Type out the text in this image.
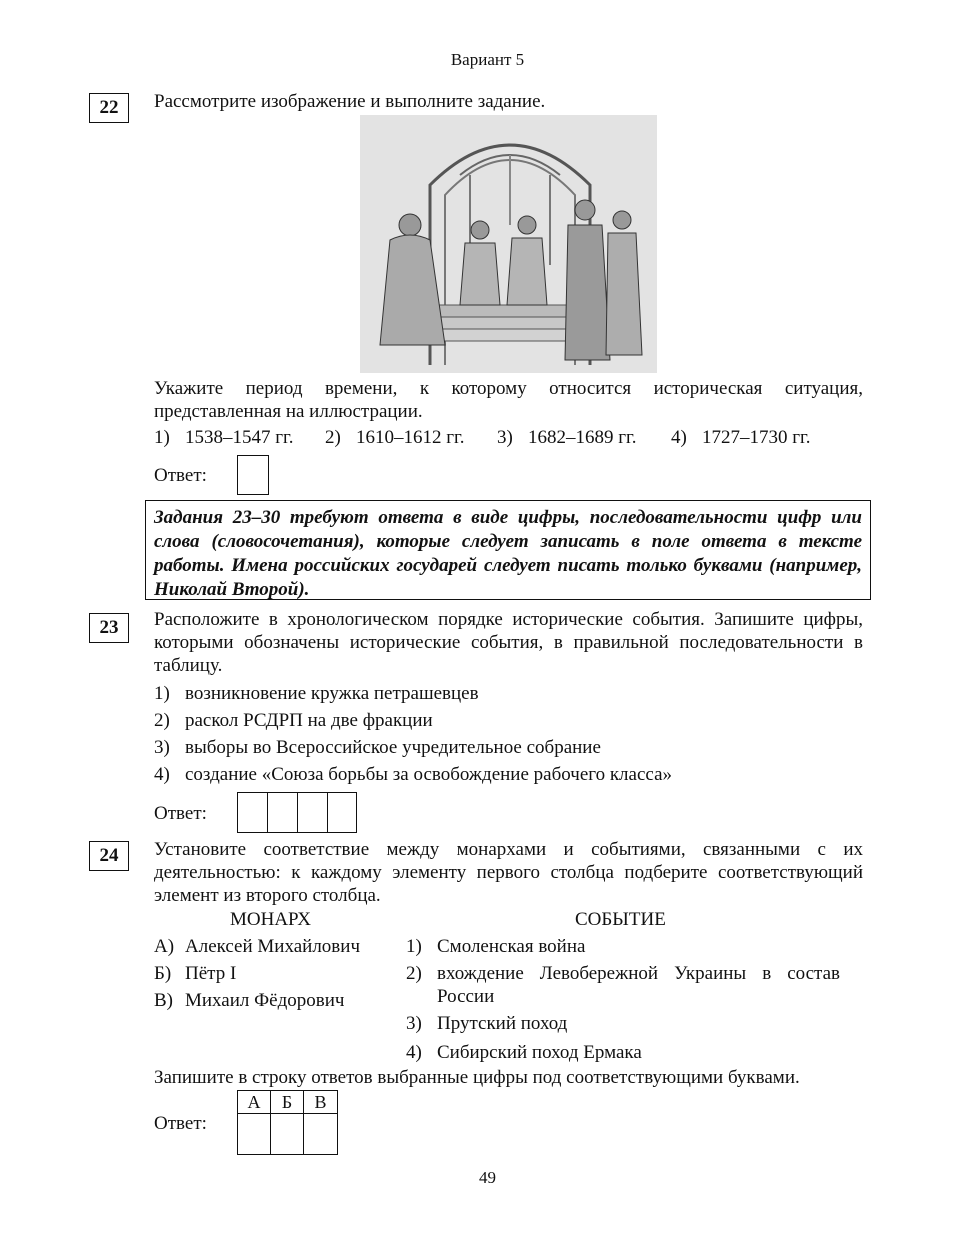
Вариант 5
22	Рассмотрите изображение и выполните задание.
Укажите период времени, к которому относится историческая ситуация, представленная на иллюстрации.
1) 1538–1547 гг. 2) 1610–1612 гг. 3) 1682–1689 гг. 4) 1727–1730 гг.
Ответ:
Задания 23–30 требуют ответа в виде цифры, последовательности цифр или слова (словосочетания), которые следует записать в поле ответа в тексте работы. Имена российских государей следует писать только буквами (например, Николай Второй).
23	Расположите в хронологическом порядке исторические события. Запишите цифры, которыми обозначены исторические события, в правильной последовательности в таблицу.
1) возникновение кружка петрашевцев
2) раскол РСДРП на две фракции
3) выборы во Всероссийское учредительное собрание
4) создание «Союза борьбы за освобождение рабочего класса»
Ответ:
24	Установите соответствие между монархами и событиями, связанными с их деятельностью: к каждому элементу первого столбца подберите соответствующий элемент из второго столбца.
МОНАРХ	СОБЫТИЕ
А) Алексей Михайлович
Б) Пётр I
В) Михаил Фёдорович
1) Смоленская война
2) вхождение Левобережной Украины в состав России
3) Прутский поход
4) Сибирский поход Ермака
Запишите в строку ответов выбранные цифры под соответствующими буквами.
Ответ:
А	Б	В
49
